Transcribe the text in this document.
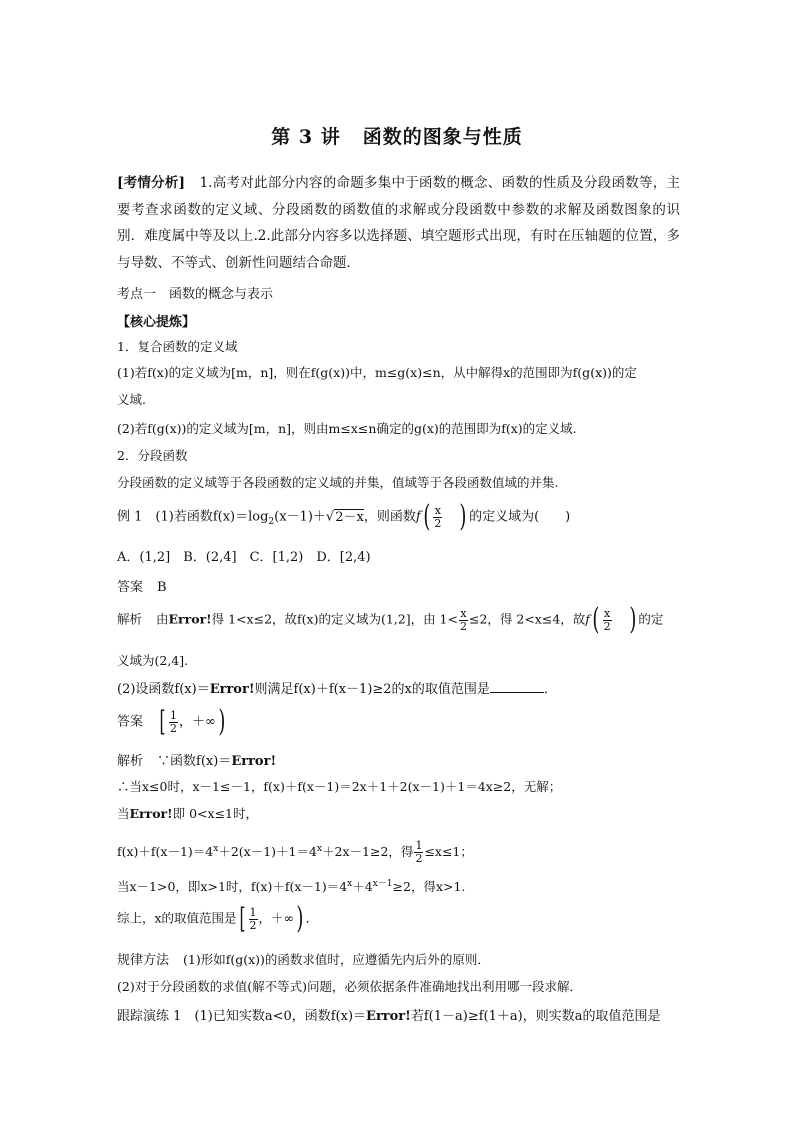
第 3 讲 函数的图象与性质
[考情分析] 1.高考对此部分内容的命题多集中于函数的概念、函数的性质及分段函数等，主要考查求函数的定义域、分段函数的函数值的求解或分段函数中参数的求解及函数图象的识别．难度属中等及以上.2.此部分内容多以选择题、填空题形式出现，有时在压轴题的位置，多与导数、不等式、创新性问题结合命题．
考点一　函数的概念与表示
【核心提炼】
1．复合函数的定义域
(1)若f(x)的定义域为[m，n]，则在f(g(x))中，m≤g(x)≤n，从中解得x的范围即为f(g(x))的定
义域.
(2)若f(g(x))的定义域为[m，n]，则由m≤x≤n确定的g(x)的范围即为f(x)的定义域.
2．分段函数
分段函数的定义域等于各段函数的定义域的并集，值域等于各段函数值域的并集.
例 1　(1)若函数$f(x)=\log_2(x-1)+√2-x$，则函数$f( \frac{x}{2}$ ) 的定义域为(　　)
A．(1,2]　B．(2,4]　C．[1,2)　D．[2,4)
答案 B
解析 由Error!得 1<x≤2，故f(x)的定义域为(1,2]，由 $1< \frac{x}{2} \le 2$，得 2<x≤4，故$f( \frac{x}{2}$ ) 的定
义域为(2,4].
(2)设函数f(x)＝Error!则满足f(x)＋f(x－1)≥2的x的取值范围是	．
答案 [ $\frac{1}{2}$ ，＋∞)
解析 ∵函数f(x)＝Error!
∴当x≤0时，x－1≤－1，f(x)＋f(x－1)＝2x＋1＋2(x－1)＋1＝4x≥2，无解；
当Error!即 0<x≤1时，
$f(x)+f(x-1)=4^x+2(x-1)+1=4^x+2x-1\ge 2$，得 $\frac{1}{2} \le x\le 1$；
当x－1>0，即x>1时，$f(x)+f(x-1)=4^x+4^{x-1}\ge 2$，得x>1.
综上，x的取值范围是[ $\frac{1}{2}$ ，＋∞) ．
规律方法 (1)形如f(g(x))的函数求值时，应遵循先内后外的原则．
(2)对于分段函数的求值(解不等式)问题，必须依据条件准确地找出利用哪一段求解．
跟踪演练 1　(1)已知实数a<0，函数f(x)＝Error!若f(1－a)≥f(1＋a)，则实数a的取值范围是
